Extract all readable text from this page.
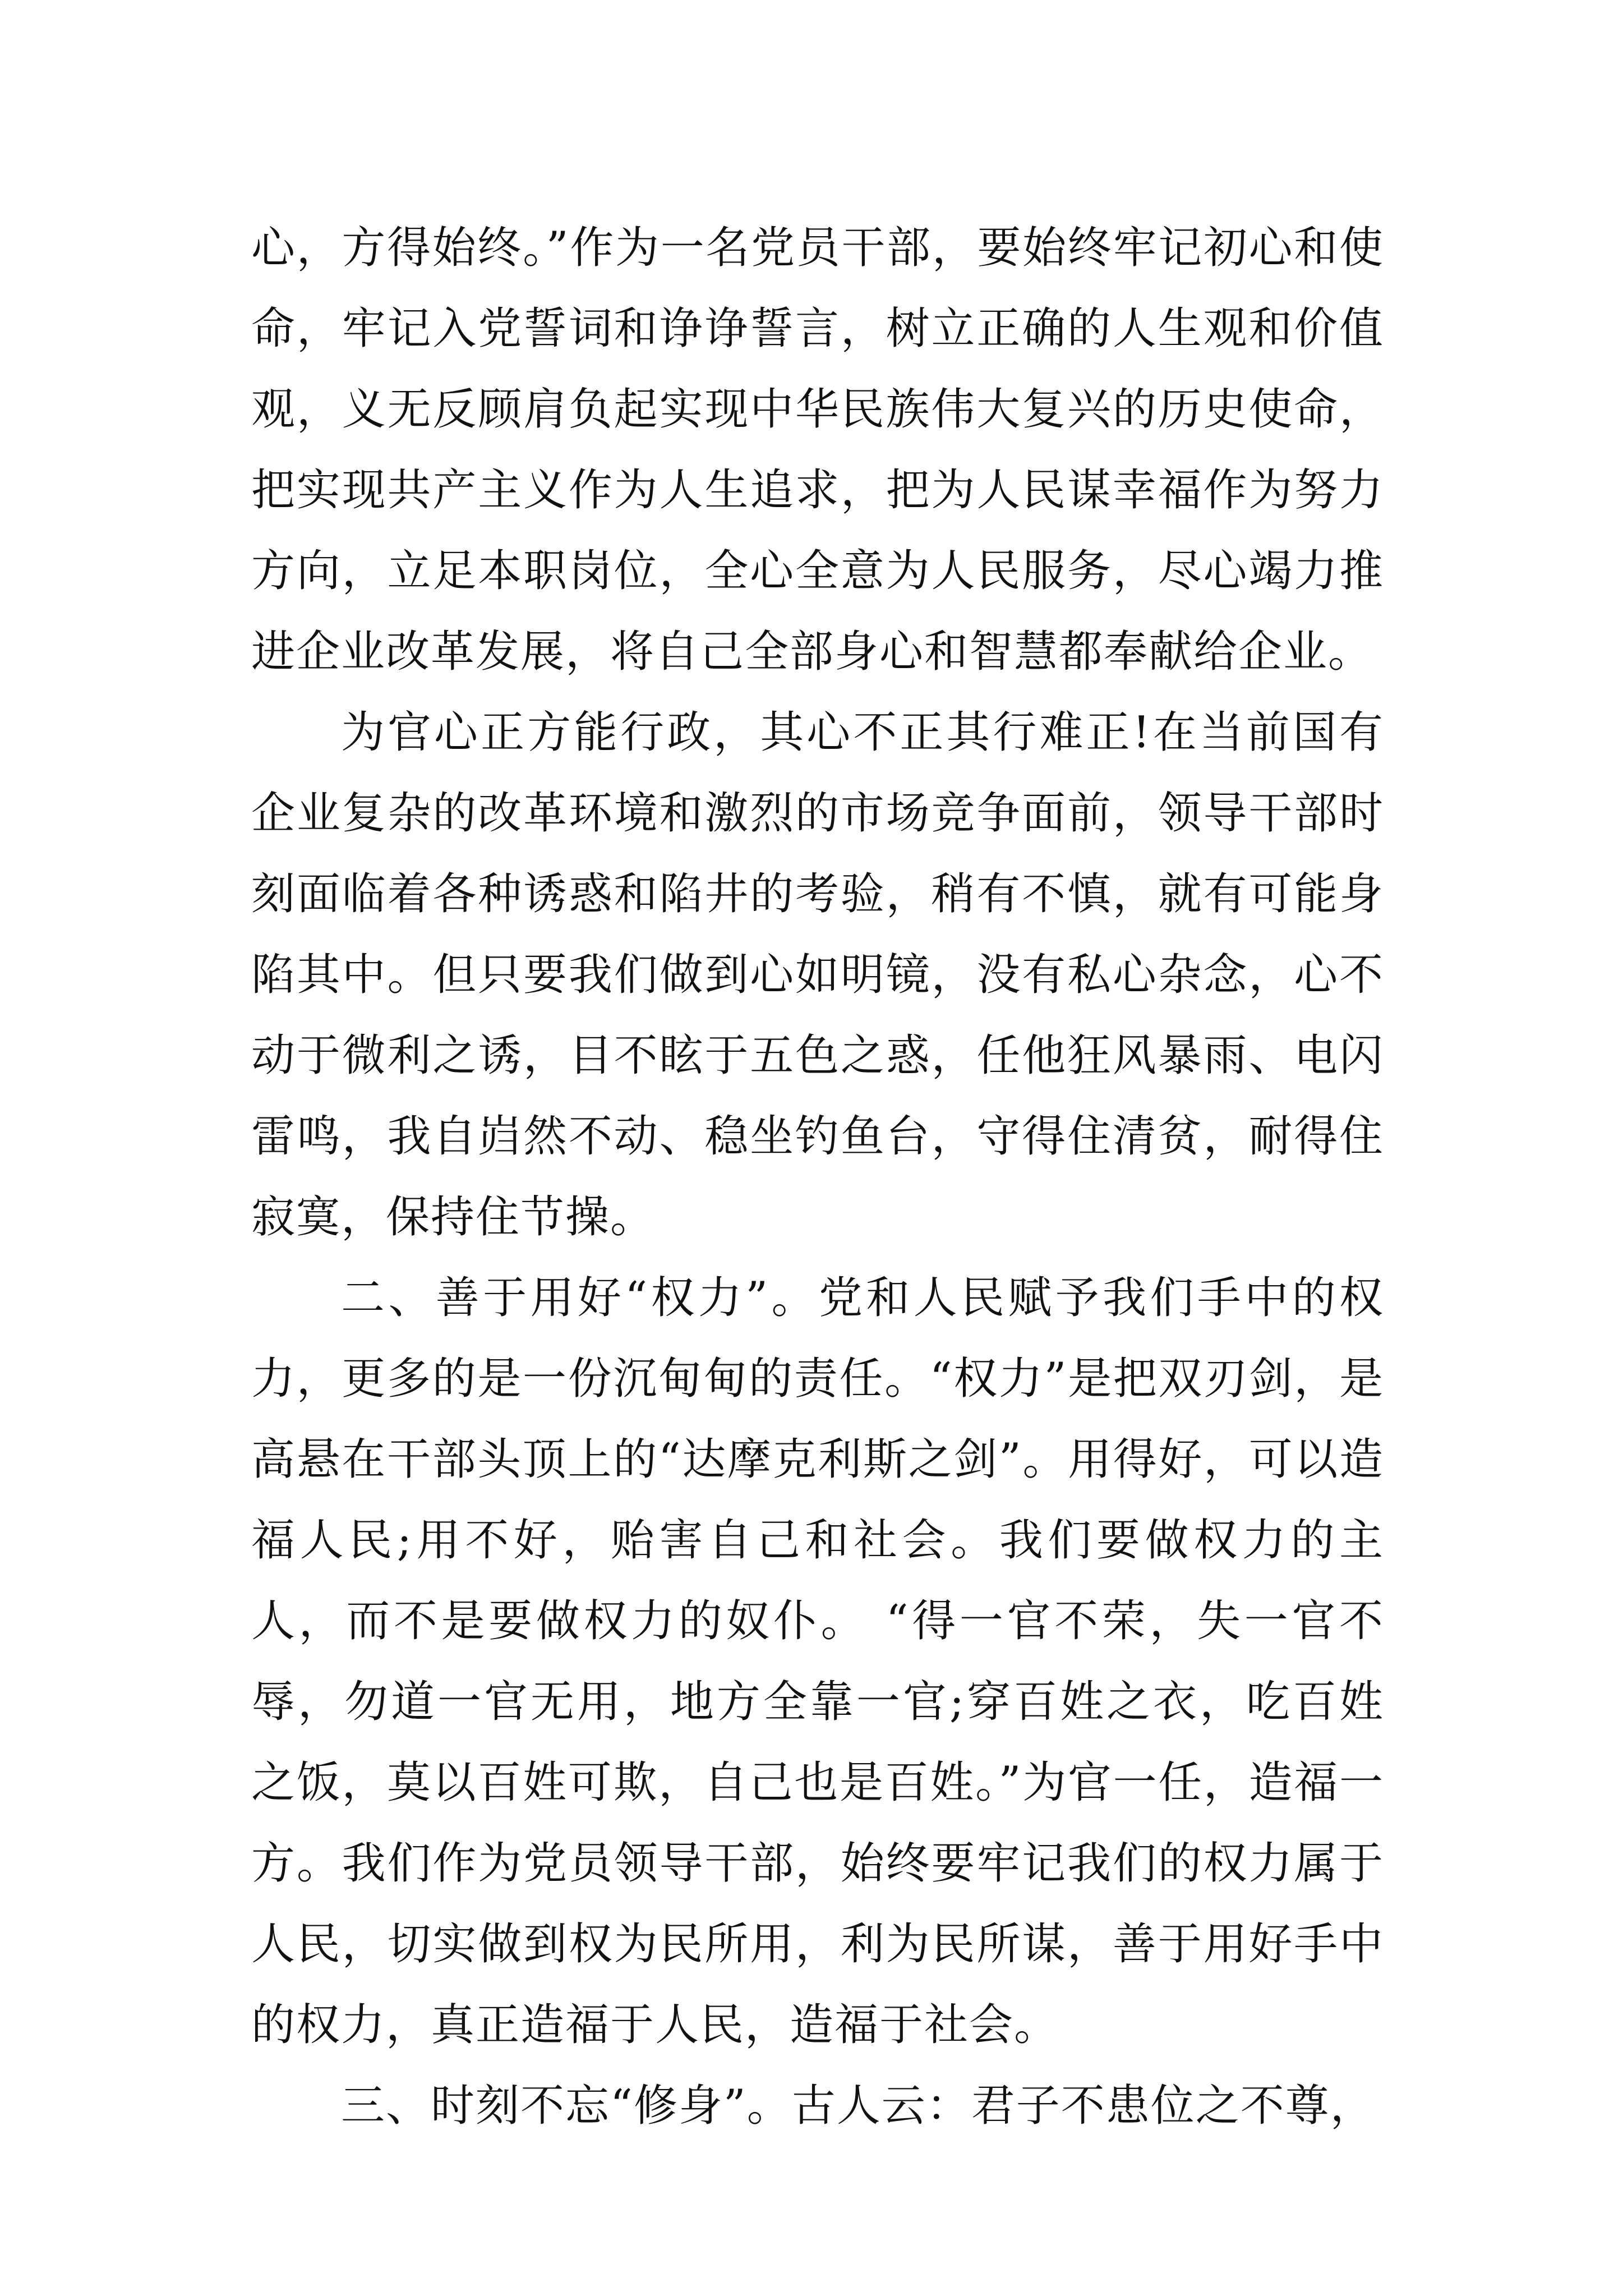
心，方得始终。”作为一名党员干部，要始终牢记初心和使命，牢记入党誓词和诤诤誓言，树立正确的人生观和价值观，义无反顾肩负起实现中华民族伟大复兴的历史使命，把实现共产主义作为人生追求，把为人民谋幸福作为努力方向，立足本职岗位，全心全意为人民服务，尽心竭力推进企业改革发展，将自己全部身心和智慧都奉献给企业。

为官心正方能行政，其心不正其行难正!在当前国有企业复杂的改革环境和激烈的市场竞争面前，领导干部时刻面临着各种诱惑和陷井的考验，稍有不慎，就有可能身陷其中。但只要我们做到心如明镜，没有私心杂念，心不动于微利之诱，目不眩于五色之惑，任他狂风暴雨、电闪雷鸣，我自岿然不动、稳坐钓鱼台，守得住清贫，耐得住寂寞，保持住节操。

二、善于用好“权力”。党和人民赋予我们手中的权力，更多的是一份沉甸甸的责任。“权力”是把双刃剑，是高悬在干部头顶上的“达摩克利斯之剑”。用得好，可以造福人民;用不好，贻害自己和社会。我们要做权力的主人，而不是要做权力的奴仆。 “得一官不荣，失一官不辱，勿道一官无用，地方全靠一官;穿百姓之衣，吃百姓之饭，莫以百姓可欺，自己也是百姓。”为官一任，造福一方。我们作为党员领导干部，始终要牢记我们的权力属于人民，切实做到权为民所用，利为民所谋，善于用好手中的权力，真正造福于人民，造福于社会。

三、时刻不忘“修身”。古人云：君子不患位之不尊，
